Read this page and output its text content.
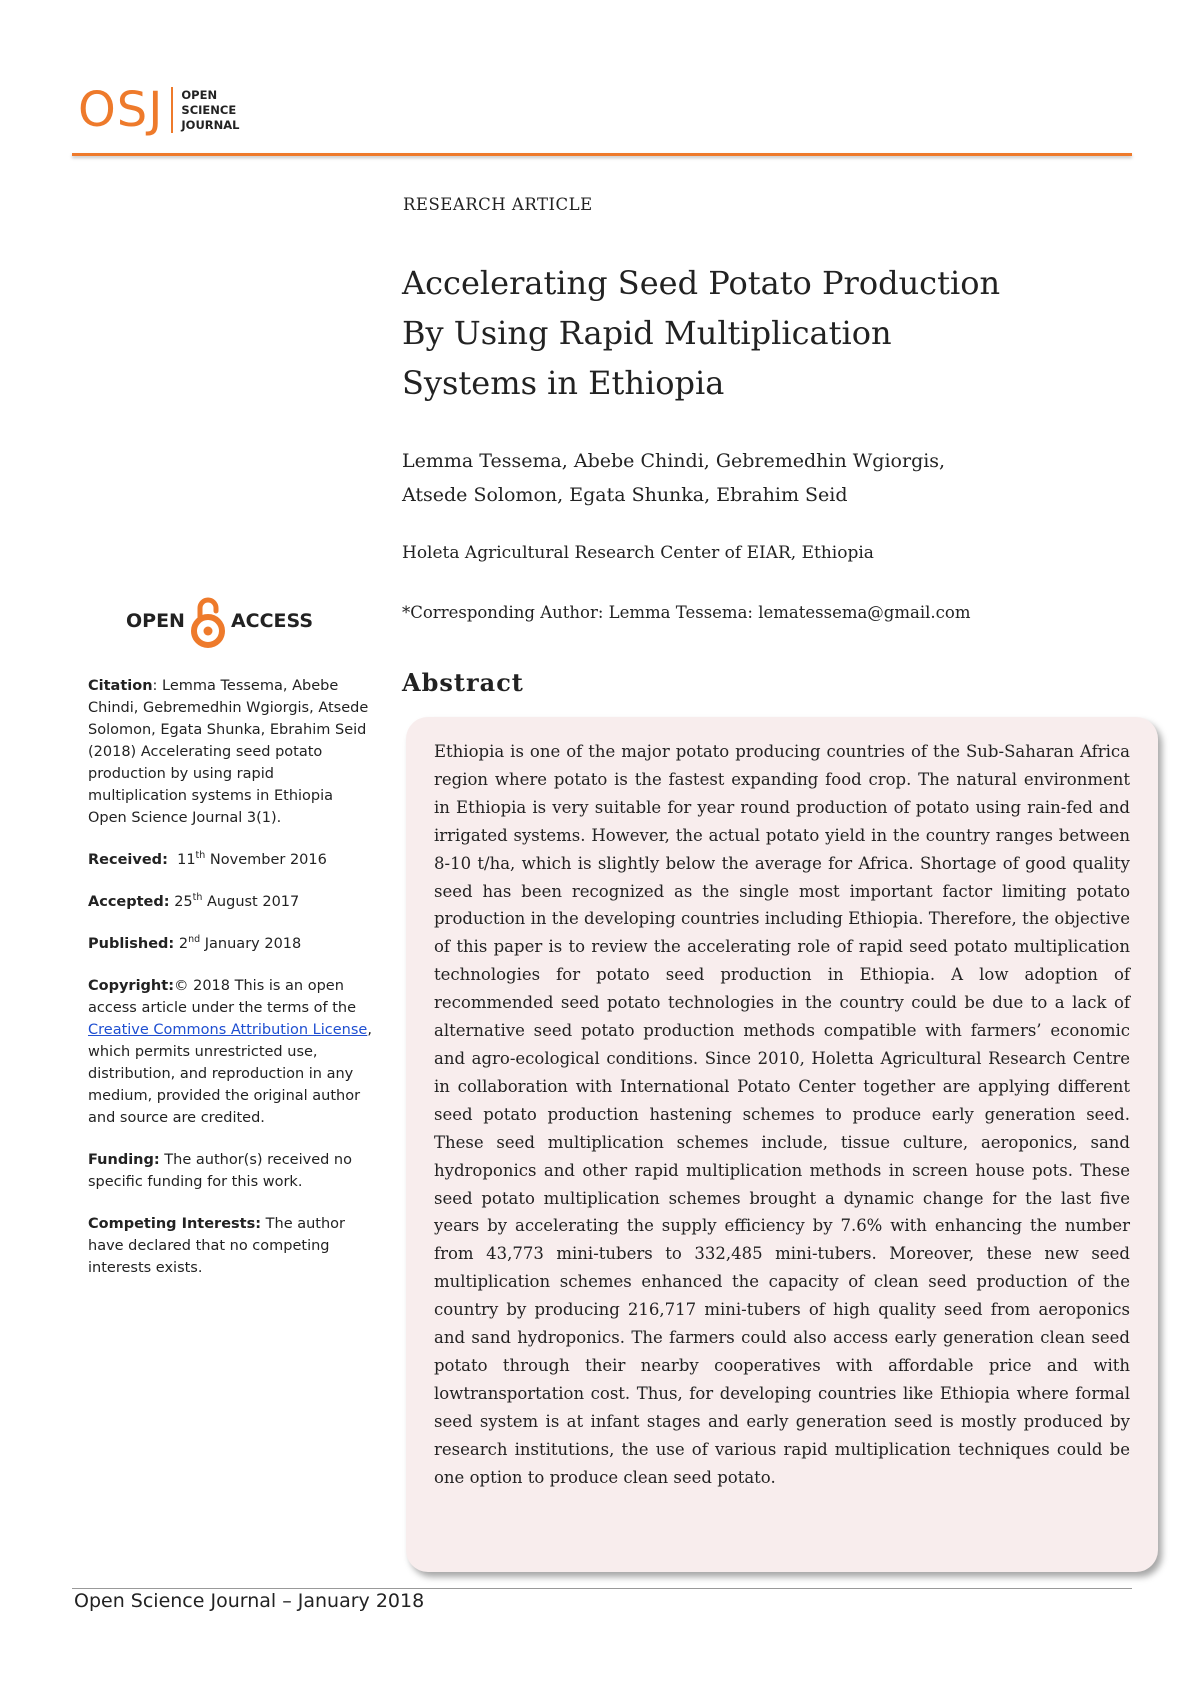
OSJ OPEN
SCIENCE
JOURNAL
RESEARCH ARTICLE
Accelerating Seed Potato Production
By Using Rapid Multiplication
Systems in Ethiopia
Lemma Tessema, Abebe Chindi, Gebremedhin Wgiorgis,
Atsede Solomon, Egata Shunka, Ebrahim Seid
Holeta Agricultural Research Center of EIAR, Ethiopia
*Corresponding Author: Lemma Tessema: lematessema@gmail.com
Abstract

Ethiopia is one of the major potato producing countries of the Sub-Saharan Africa region where potato is the fastest expanding food crop. The natural environment in Ethiopia is very suitable for year round production of potato using rain-fed and irrigated systems. However, the actual potato yield in the country ranges between 8-10 t/ha, which is slightly below the average for Africa. Shortage of good quality seed has been recognized as the single most important factor limiting potato production in the developing countries including Ethiopia. Therefore, the objective of this paper is to review the accelerating role of rapid seed potato multiplication technologies for potato seed production in Ethiopia. A low adoption of recommended seed potato technologies in the country could be due to a lack of alternative seed potato production methods compatible with farmers’ economic and agro-ecological conditions. Since 2010, Holetta Agricultural Research Centre in collaboration with International Potato Center together are applying different seed potato production hastening schemes to produce early generation seed. These seed multiplication schemes include, tissue culture, aeroponics, sand hydroponics and other rapid multiplication methods in screen house pots. These seed potato multiplication schemes brought a dynamic change for the last five years by accelerating the supply efficiency by 7.6% with enhancing the number from 43,773 mini-tubers to 332,485 mini-tubers. Moreover, these new seed multiplication schemes enhanced the capacity of clean seed production of the country by producing 216,717 mini-tubers of high quality seed from aeroponics and sand hydroponics. The farmers could also access early generation clean seed potato through their nearby cooperatives with affordable price and with lowtransportation cost. Thus, for developing countries like Ethiopia where formal seed system is at infant stages and early generation seed is mostly produced by research institutions, the use of various rapid multiplication techniques could be one option to produce clean seed potato.

OPEN ACCESS

Citation: Lemma Tessema, Abebe Chindi, Gebremedhin Wgiorgis, Atsede Solomon, Egata Shunka, Ebrahim Seid (2018) Accelerating seed potato production by using rapid multiplication systems in Ethiopia Open Science Journal 3(1).

Received: 11th November 2016

Accepted: 25th August 2017

Published: 2nd January 2018

Copyright:© 2018 This is an open access article under the terms of the Creative Commons Attribution License, which permits unrestricted use, distribution, and reproduction in any medium, provided the original author and source are credited.

Funding: The author(s) received no specific funding for this work.

Competing Interests: The author have declared that no competing interests exists.

Open Science Journal – January 2018
